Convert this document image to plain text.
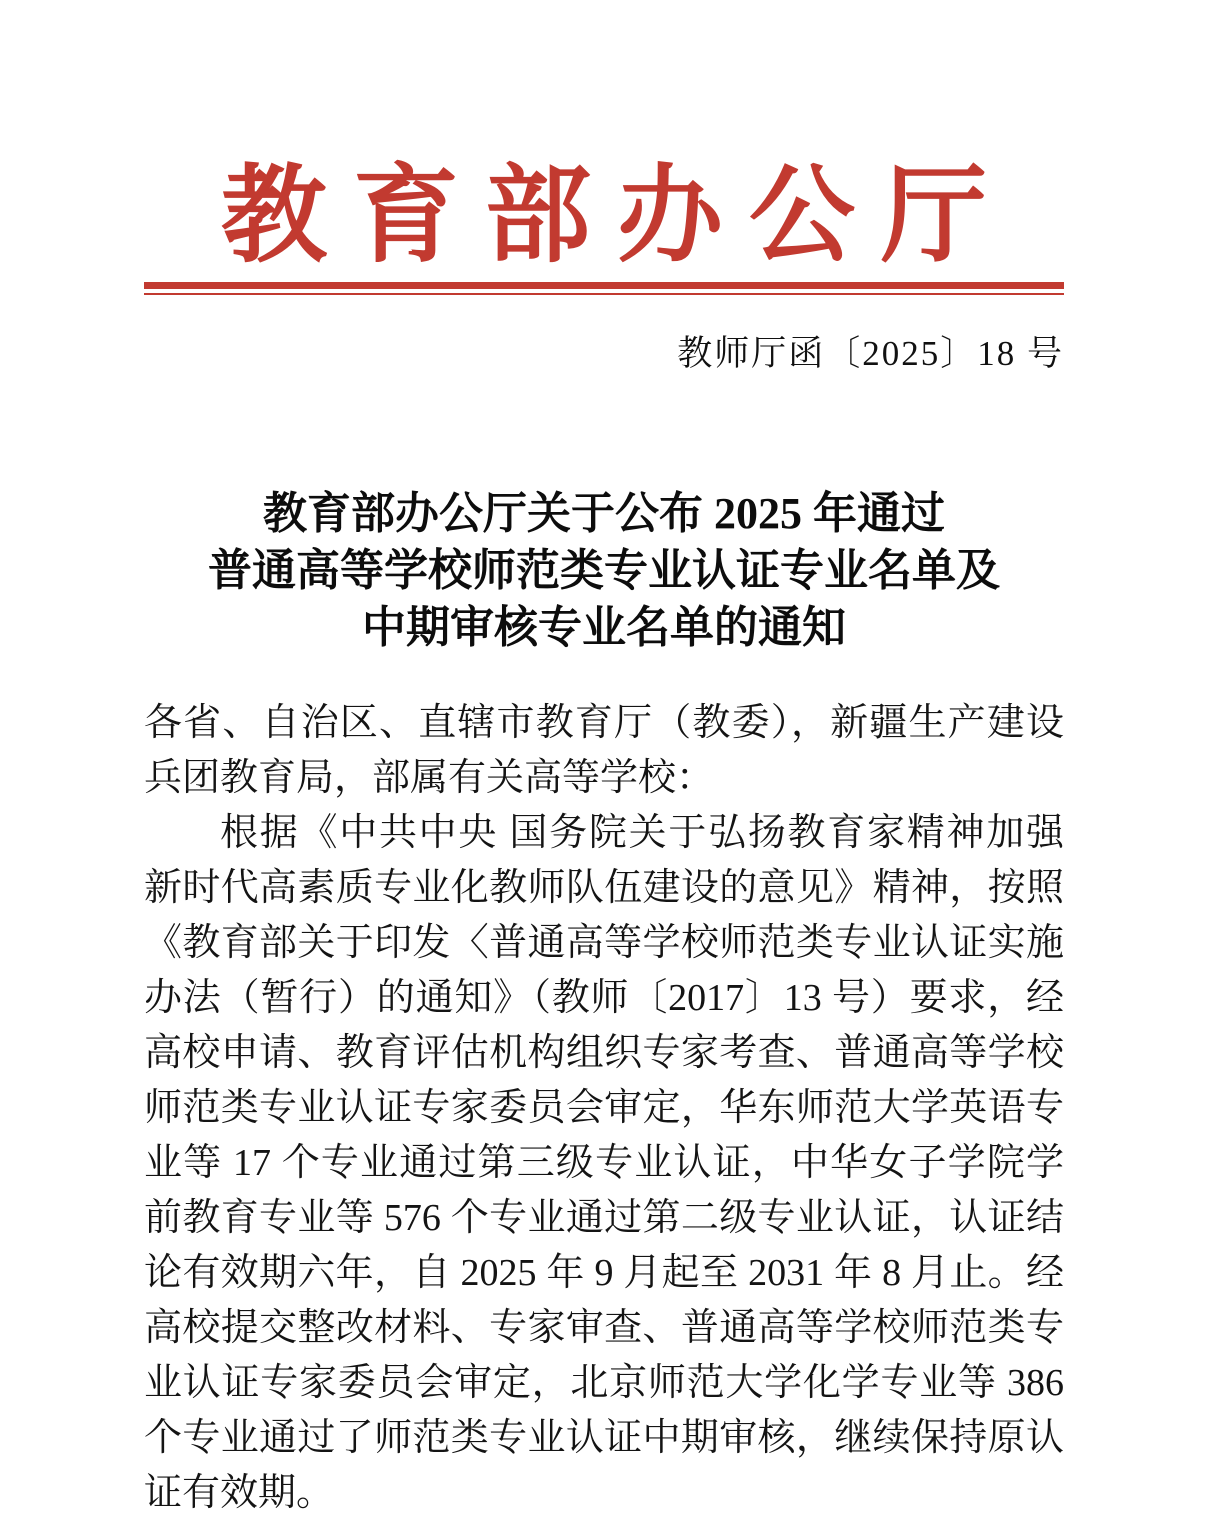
教育部办公厅
教师厅函〔2025〕18 号
教育部办公厅关于公布 2025 年通过
普通高等学校师范类专业认证专业名单及
中期审核专业名单的通知

各省、自治区、直辖市教育厅（教委），新疆生产建设兵团教育局，部属有关高等学校：

根据《中共中央 国务院关于弘扬教育家精神加强新时代高素质专业化教师队伍建设的意见》精神，按照《教育部关于印发〈普通高等学校师范类专业认证实施办法（暂行）的通知》（教师〔2017〕13 号）要求，经高校申请、教育评估机构组织专家考查、普通高等学校师范类专业认证专家委员会审定，华东师范大学英语专业等 17 个专业通过第三级专业认证，中华女子学院学前教育专业等 576 个专业通过第二级专业认证，认证结论有效期六年，自 2025 年 9 月起至 2031 年 8 月止。经高校提交整改材料、专家审查、普通高等学校师范类专业认证专家委员会审定，北京师范大学化学专业等 386 个专业通过了师范类专业认证中期审核，继续保持原认证有效期。
